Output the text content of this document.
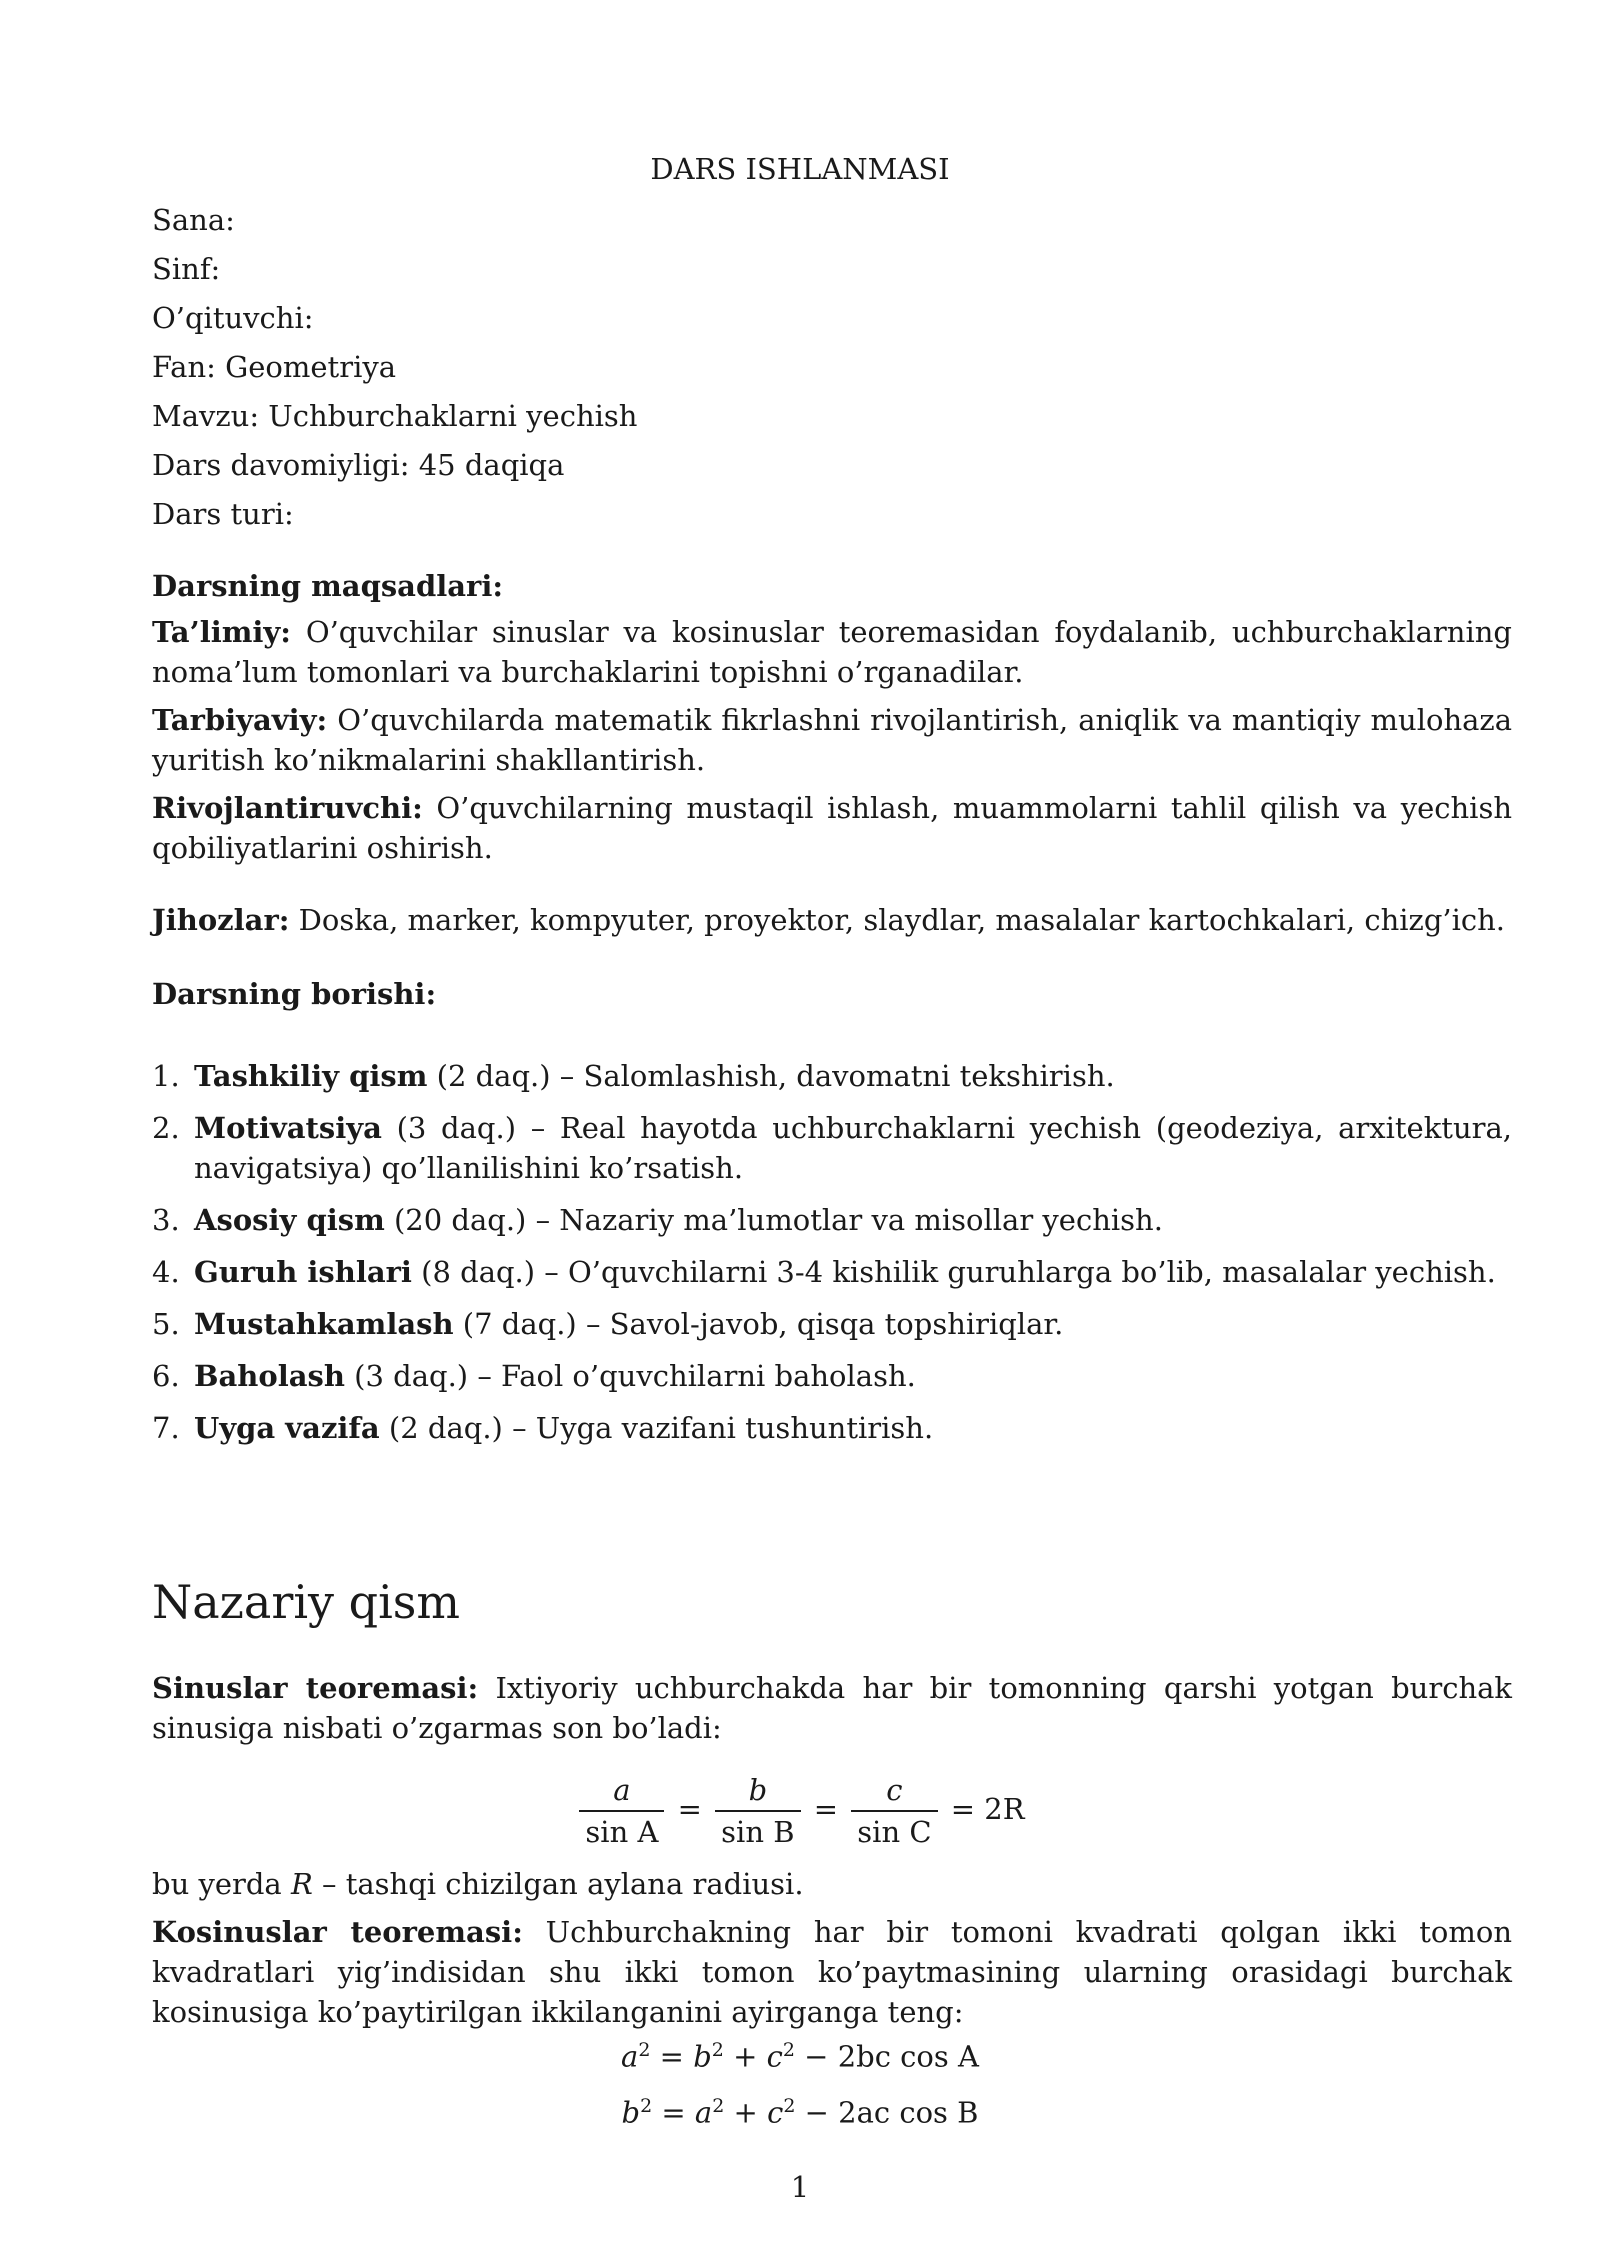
DARS ISHLANMASI
Sana:
Sinf:
O’qituvchi:
Fan: Geometriya
Mavzu: Uchburchaklarni yechish
Dars davomiyligi: 45 daqiqa
Dars turi:
Darsning maqsadlari:
Ta’limiy: O’quvchilar sinuslar va kosinuslar teoremasidan foydalanib, uchburchaklarning noma’lum tomonlari va burchaklarini topishni o’rganadilar.
Tarbiyaviy: O’quvchilarda matematik fikrlashni rivojlantirish, aniqlik va mantiqiy mulohaza yuritish ko’nikmalarini shakllantirish.
Rivojlantiruvchi: O’quvchilarning mustaqil ishlash, muammolarni tahlil qilish va yechish qobiliyatlarini oshirish.
Jihozlar: Doska, marker, kompyuter, proyektor, slaydlar, masalalar kartochkalari, chizg’ich.
Darsning borishi:
1. Tashkiliy qism (2 daq.) – Salomlashish, davomatni tekshirish.
2. Motivatsiya (3 daq.) – Real hayotda uchburchaklarni yechish (geodeziya, arxitektura, navigatsiya) qo’llanilishini ko’rsatish.
3. Asosiy qism (20 daq.) – Nazariy ma’lumotlar va misollar yechish.
4. Guruh ishlari (8 daq.) – O’quvchilarni 3-4 kishilik guruhlarga bo’lib, masalalar yechish.
5. Mustahkamlash (7 daq.) – Savol-javob, qisqa topshiriqlar.
6. Baholash (3 daq.) – Faol o’quvchilarni baholash.
7. Uyga vazifa (2 daq.) – Uyga vazifani tushuntirish.
Nazariy qism
Sinuslar teoremasi: Ixtiyoriy uchburchakda har bir tomonning qarshi yotgan burchak sinusiga nisbati o’zgarmas son bo’ladi:
$\frac{a}{\text{sin A}} = \frac{b}{\text{sin B}} = \frac{c}{\text{sin C}} = 2R$
bu yerda R – tashqi chizilgan aylana radiusi.
Kosinuslar teoremasi: Uchburchakning har bir tomoni kvadrati qolgan ikki tomon kvadratlari yig’indisidan shu ikki tomon ko’paytmasining ularning orasidagi burchak kosinusiga ko’paytirilgan ikkilanganini ayirganga teng:
$a^2 = b^2 + c^2 - 2bc$ cos A
$b^2 = a^2 + c^2 - 2ac$ cos B
1
